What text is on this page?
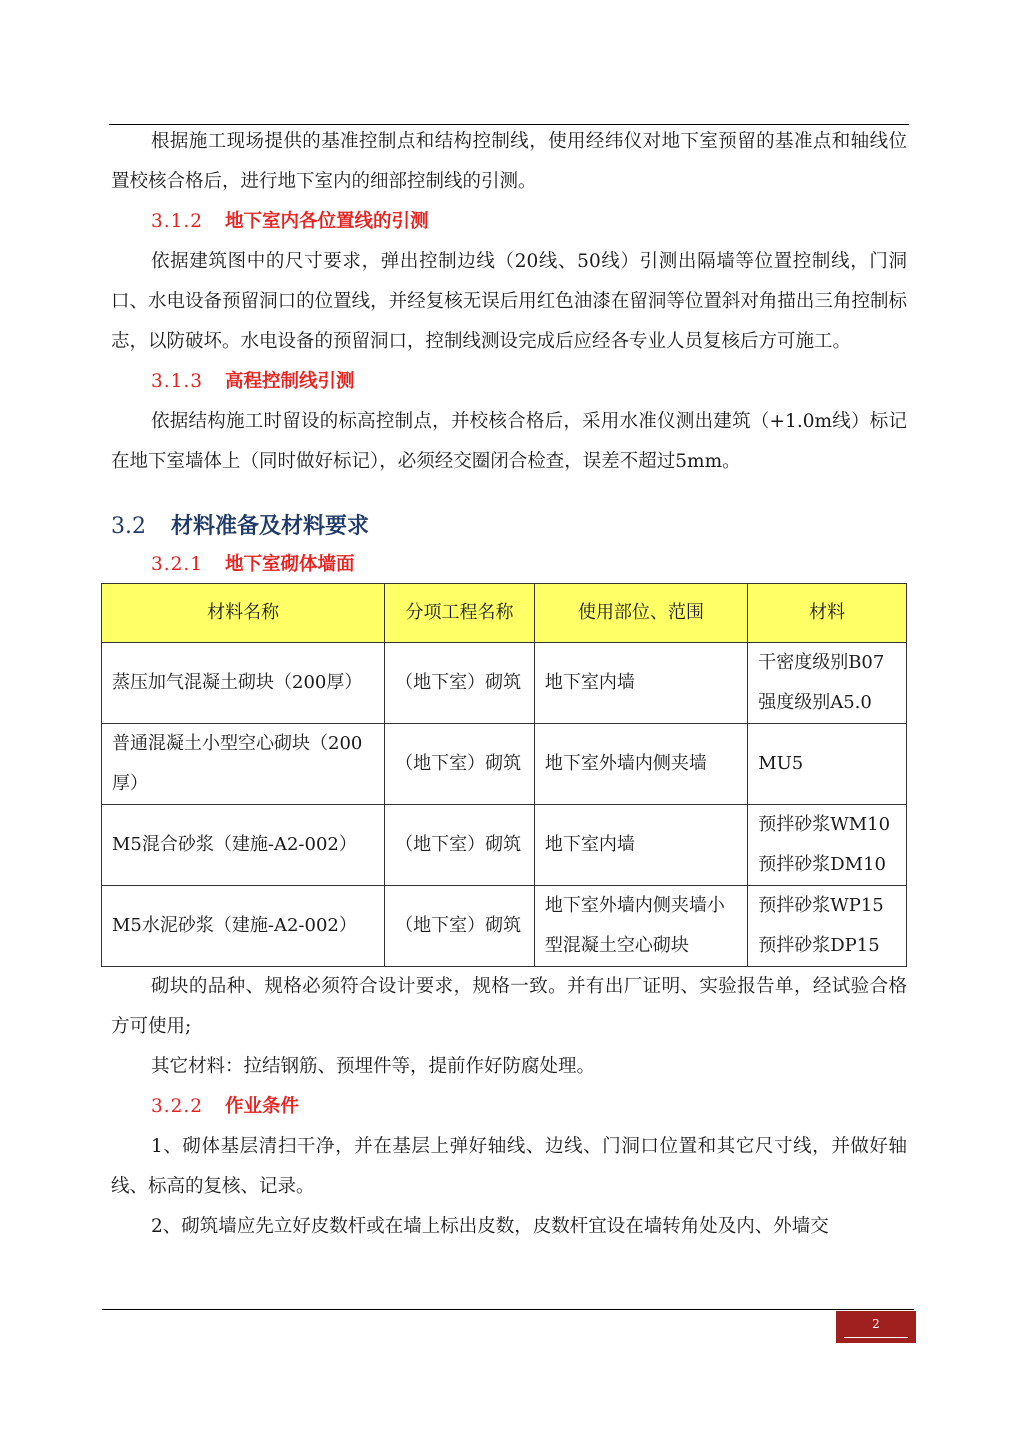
根据施工现场提供的基准控制点和结构控制线，使用经纬仪对地下室预留的基准点和轴线位置校核合格后，进行地下室内的细部控制线的引测。

3.1.2 地下室内各位置线的引测

依据建筑图中的尺寸要求，弹出控制边线（20线、50线）引测出隔墙等位置控制线，门洞口、水电设备预留洞口的位置线，并经复核无误后用红色油漆在留洞等位置斜对角描出三角控制标志，以防破坏。水电设备的预留洞口，控制线测设完成后应经各专业人员复核后方可施工。

3.1.3 高程控制线引测

依据结构施工时留设的标高控制点，并校核合格后，采用水准仪测出建筑（+1.0m线）标记在地下室墙体上（同时做好标记），必须经交圈闭合检查，误差不超过5mm。

3.2 材料准备及材料要求
3.2.1 地下室砌体墙面
材料名称	分项工程名称	使用部位、范围	材料
蒸压加气混凝土砌块（200厚）	（地下室）砌筑	地下室内墙	干密度级别B07 强度级别A5.0
普通混凝土小型空心砌块（200厚）	（地下室）砌筑	地下室外墙内侧夹墙	MU5
M5混合砂浆（建施-A2-002）	（地下室）砌筑	地下室内墙	预拌砂浆WM10 预拌砂浆DM10
M5水泥砂浆（建施-A2-002）	（地下室）砌筑	地下室外墙内侧夹墙小型混凝土空心砌块	预拌砂浆WP15 预拌砂浆DP15

砌块的品种、规格必须符合设计要求，规格一致。并有出厂证明、实验报告单，经试验合格方可使用;

其它材料：拉结钢筋、预埋件等，提前作好防腐处理。

3.2.2 作业条件

1、砌体基层清扫干净，并在基层上弹好轴线、边线、门洞口位置和其它尺寸线，并做好轴线、标高的复核、记录。

2、砌筑墙应先立好皮数杆或在墙上标出皮数，皮数杆宜设在墙转角处及内、外墙交

2
